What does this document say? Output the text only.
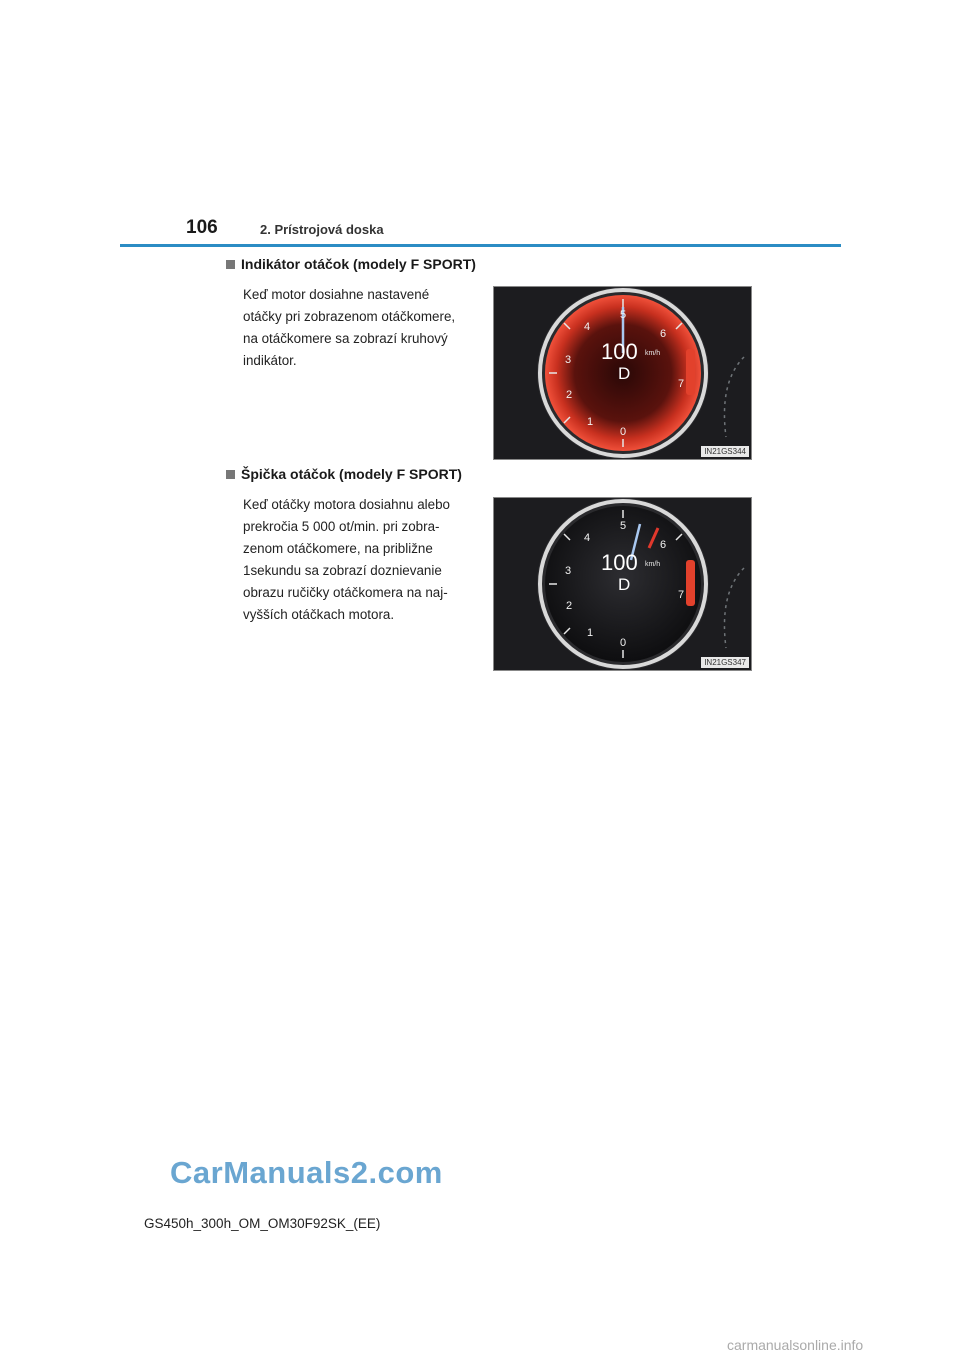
106	2. Prístrojová doska
Indikátor otáčok (modely F SPORT)
Keď motor dosiahne nastavené
otáčky pri zobrazenom otáčkomere,
na otáčkomere sa zobrazí kruhový
indikátor.
5
4
6
3
7
2
1
0
100 km/h
D
IN21GS344
Špička otáčok (modely F SPORT)
Keď otáčky motora dosiahnu alebo
prekročia 5 000 ot/min. pri zobra-
zenom otáčkomere, na približne
1sekundu sa zobrazí doznievanie
obrazu ručičky otáčkomera na naj-
vyšších otáčkach motora.
5
4
6
3
7
2
1
0
100 km/h
D
IN21GS347
CarManuals2.com
GS450h_300h_OM_OM30F92SK_(EE)
carmanualsonline.info
